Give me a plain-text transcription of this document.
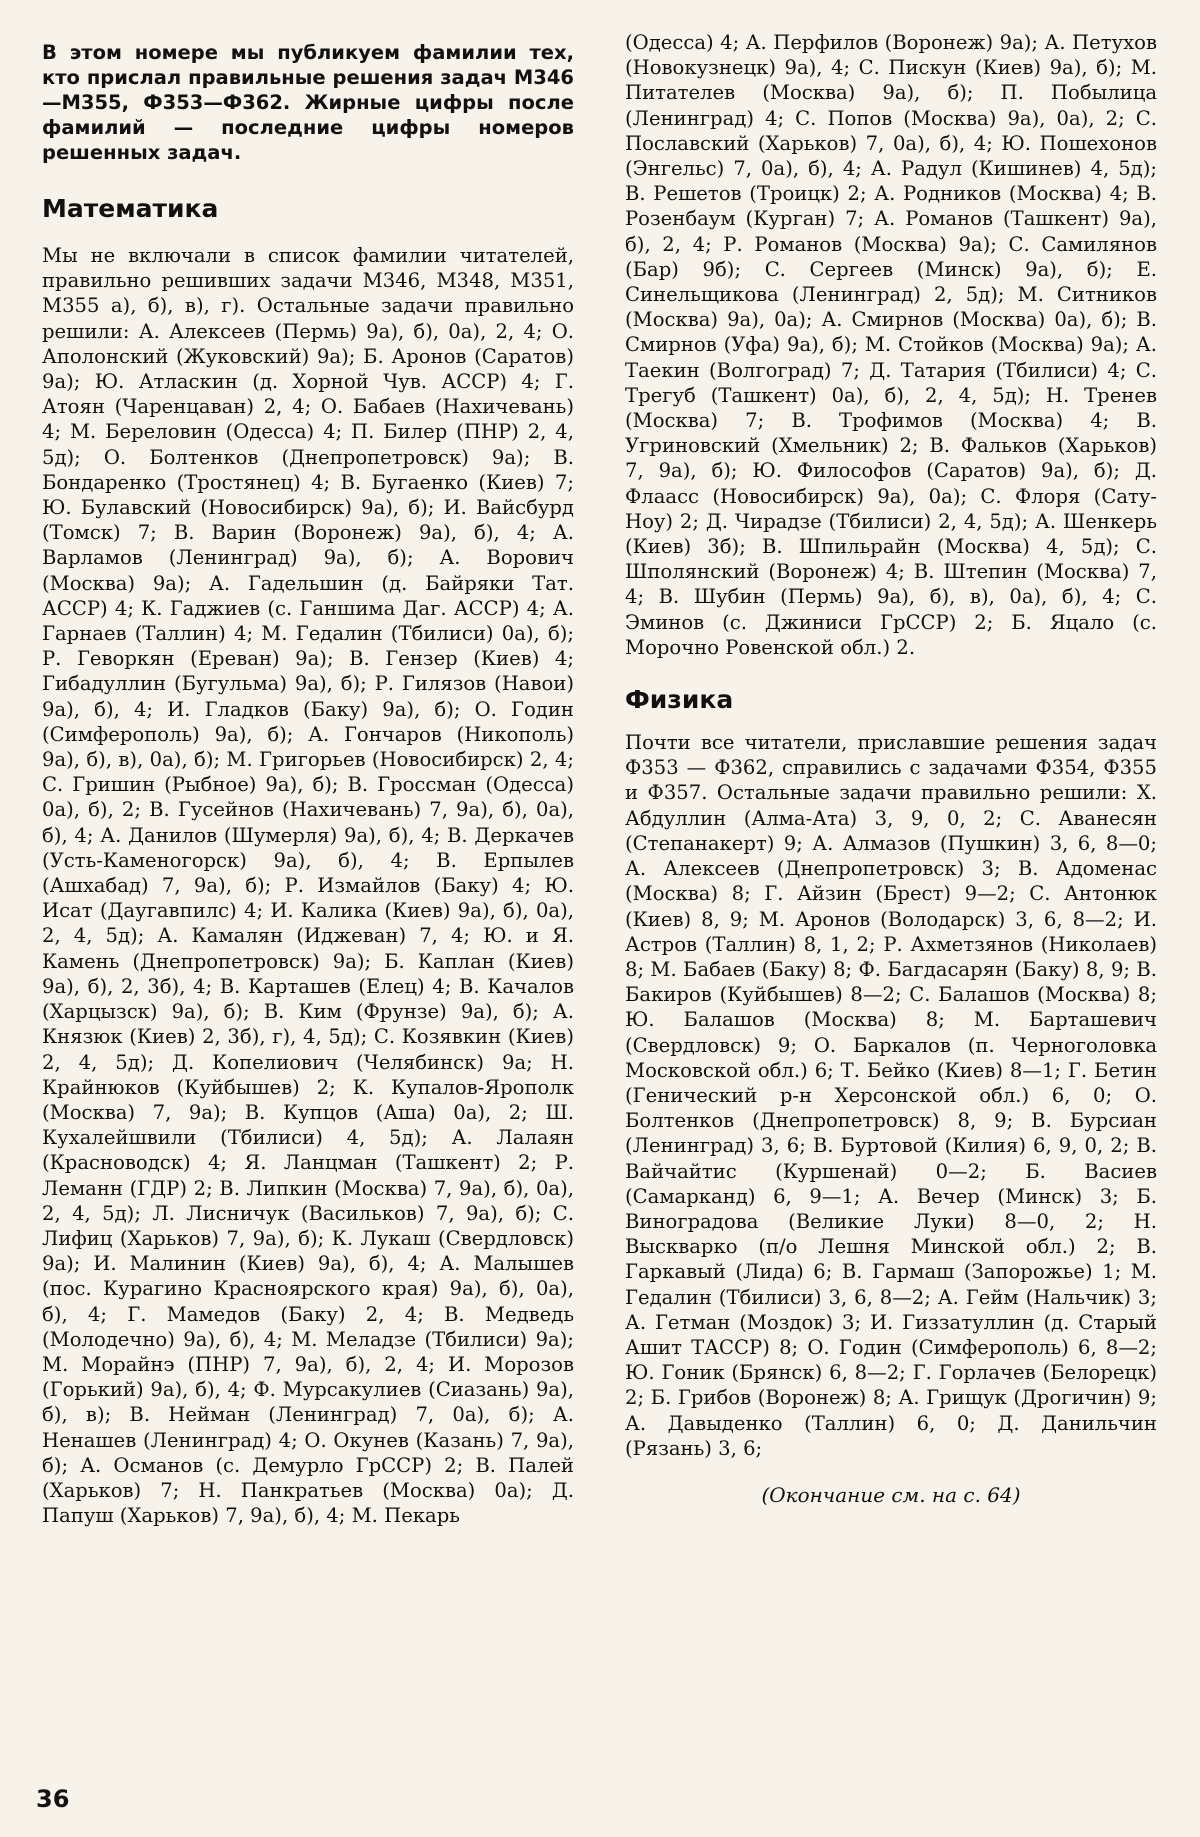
В этом номере мы публикуем фамилии тех, кто прислал правильные решения задач М346—М355, Ф353—Ф362. Жирные цифры после фамилий — последние цифры номеров решенных задач.

Математика

Мы не включали в список фамилии читателей, правильно решивших задачи М346, М348, М351, М355 а), б), в), г). Остальные задачи правильно решили: А. Алексеев (Пермь) 9а), б), 0а), 2, 4; О. Аполонский (Жуковский) 9а); Б. Аронов (Саратов) 9а); Ю. Атласкин (д. Хорной Чув. АССР) 4; Г. Атоян (Чаренцаван) 2, 4; О. Бабаев (Нахичевань) 4; М. Береловин (Одесса) 4; П. Билер (ПНР) 2, 4, 5д); О. Болтенков (Днепропетровск) 9а); В. Бондаренко (Тростянец) 4; В. Бугаенко (Киев) 7; Ю. Булавский (Новосибирск) 9а), б); И. Вайсбурд (Томск) 7; В. Варин (Воронеж) 9а), б), 4; А. Варламов (Ленинград) 9а), б); А. Ворович (Москва) 9а); А. Гадельшин (д. Байряки Тат. АССР) 4; К. Гаджиев (с. Ганшима Даг. АССР) 4; А. Гарнаев (Таллин) 4; М. Гедалин (Тбилиси) 0а), б); Р. Геворкян (Ереван) 9а); В. Гензер (Киев) 4; Гибадуллин (Бугульма) 9а), б); Р. Гилязов (Навои) 9а), б), 4; И. Гладков (Баку) 9а), б); О. Годин (Симферополь) 9а), б); А. Гончаров (Никополь) 9а), б), в), 0а), б); М. Григорьев (Новосибирск) 2, 4; С. Гришин (Рыбное) 9а), б); В. Гроссман (Одесса) 0а), б), 2; В. Гусейнов (Нахичевань) 7, 9а), б), 0а), б), 4; А. Данилов (Шумерля) 9а), б), 4; В. Деркачев (Усть-Каменогорск) 9а), б), 4; В. Ерпылев (Ашхабад) 7, 9а), б); Р. Измайлов (Баку) 4; Ю. Исат (Даугавпилс) 4; И. Калика (Киев) 9а), б), 0а), 2, 4, 5д); А. Камалян (Иджеван) 7, 4; Ю. и Я. Камень (Днепропетровск) 9а); Б. Каплан (Киев) 9а), б), 2, 3б), 4; В. Карташев (Елец) 4; В. Качалов (Харцызск) 9а), б); В. Ким (Фрунзе) 9а), б); А. Князюк (Киев) 2, 3б), г), 4, 5д); С. Козявкин (Киев) 2, 4, 5д); Д. Копелиович (Челябинск) 9а; Н. Крайнюков (Куйбышев) 2; К. Купалов-Ярополк (Москва) 7, 9а); В. Купцов (Аша) 0а), 2; Ш. Кухалейшвили (Тбилиси) 4, 5д); А. Лалаян (Красноводск) 4; Я. Ланцман (Ташкент) 2; Р. Леманн (ГДР) 2; В. Липкин (Москва) 7, 9а), б), 0а), 2, 4, 5д); Л. Лисничук (Васильков) 7, 9а), б); С. Лифиц (Харьков) 7, 9а), б); К. Лукаш (Свердловск) 9а); И. Малинин (Киев) 9а), б), 4; А. Малышев (пос. Курагино Красноярского края) 9а), б), 0а), б), 4; Г. Мамедов (Баку) 2, 4; В. Медведь (Молодечно) 9а), б), 4; М. Меладзе (Тбилиси) 9а); М. Морайнэ (ПНР) 7, 9а), б), 2, 4; И. Морозов (Горький) 9а), б), 4; Ф. Мурсакулиев (Сиазань) 9а), б), в); В. Нейман (Ленинград) 7, 0а), б); А. Ненашев (Ленинград) 4; О. Окунев (Казань) 7, 9а), б); А. Османов (с. Демурло ГрССР) 2; В. Палей (Харьков) 7; Н. Панкратьев (Москва) 0а); Д. Папуш (Харьков) 7, 9а), б), 4; М. Пекарь

(Одесса) 4; А. Перфилов (Воронеж) 9а); А. Петухов (Новокузнецк) 9а), 4; С. Пискун (Киев) 9а), б); М. Питателев (Москва) 9а), б); П. Побылица (Ленинград) 4; С. Попов (Москва) 9а), 0а), 2; С. Пославский (Харьков) 7, 0а), б), 4; Ю. Пошехонов (Энгельс) 7, 0а), б), 4; А. Радул (Кишинев) 4, 5д); В. Решетов (Троицк) 2; А. Родников (Москва) 4; В. Розенбаум (Курган) 7; А. Романов (Ташкент) 9а), б), 2, 4; Р. Романов (Москва) 9а); С. Самилянов (Бар) 9б); С. Сергеев (Минск) 9а), б); Е. Синельщикова (Ленинград) 2, 5д); М. Ситников (Москва) 9а), 0а); А. Смирнов (Москва) 0а), б); В. Смирнов (Уфа) 9а), б); М. Стойков (Москва) 9а); А. Таекин (Волгоград) 7; Д. Татария (Тбилиси) 4; С. Трегуб (Ташкент) 0а), б), 2, 4, 5д); Н. Тренев (Москва) 7; В. Трофимов (Москва) 4; В. Угриновский (Хмельник) 2; В. Фальков (Харьков) 7, 9а), б); Ю. Философов (Саратов) 9а), б); Д. Флаасс (Новосибирск) 9а), 0а); С. Флоря (Сату-Ноу) 2; Д. Чирадзе (Тбилиси) 2, 4, 5д); А. Шенкерь (Киев) 3б); В. Шпильрайн (Москва) 4, 5д); С. Шполянский (Воронеж) 4; В. Штепин (Москва) 7, 4; В. Шубин (Пермь) 9а), б), в), 0а), б), 4; С. Эминов (с. Джиниси ГрССР) 2; Б. Яцало (с. Морочно Ровенской обл.) 2.

Физика

Почти все читатели, приславшие решения задач Ф353 — Ф362, справились с задачами Ф354, Ф355 и Ф357. Остальные задачи правильно решили: Х. Абдуллин (Алма-Ата) 3, 9, 0, 2; С. Аванесян (Степанакерт) 9; А. Алмазов (Пушкин) 3, 6, 8—0; А. Алексеев (Днепропетровск) 3; В. Адоменас (Москва) 8; Г. Айзин (Брест) 9—2; С. Антонюк (Киев) 8, 9; М. Аронов (Володарск) 3, 6, 8—2; И. Астров (Таллин) 8, 1, 2; Р. Ахметзянов (Николаев) 8; М. Бабаев (Баку) 8; Ф. Багдасарян (Баку) 8, 9; В. Бакиров (Куйбышев) 8—2; С. Балашов (Москва) 8; Ю. Балашов (Москва) 8; М. Барташевич (Свердловск) 9; О. Баркалов (п. Черноголовка Московской обл.) 6; Т. Бейко (Киев) 8—1; Г. Бетин (Генический р-н Херсонской обл.) 6, 0; О. Болтенков (Днепропетровск) 8, 9; В. Бурсиан (Ленинград) 3, 6; В. Буртовой (Килия) 6, 9, 0, 2; В. Вайчайтис (Куршенай) 0—2; Б. Васиев (Самарканд) 6, 9—1; А. Вечер (Минск) 3; Б. Виноградова (Великие Луки) 8—0, 2; Н. Выскварко (п/о Лешня Минской обл.) 2; В. Гаркавый (Лида) 6; В. Гармаш (Запорожье) 1; М. Гедалин (Тбилиси) 3, 6, 8—2; А. Гейм (Нальчик) 3; А. Гетман (Моздок) 3; И. Гиззатуллин (д. Старый Ашит ТАССР) 8; О. Годин (Симферополь) 6, 8—2; Ю. Гоник (Брянск) 6, 8—2; Г. Горлачев (Белорецк) 2; Б. Грибов (Воронеж) 8; А. Грищук (Дрогичин) 9; А. Давыденко (Таллин) 6, 0; Д. Данильчин (Рязань) 3, 6;

(Окончание см. на с. 64)
36
